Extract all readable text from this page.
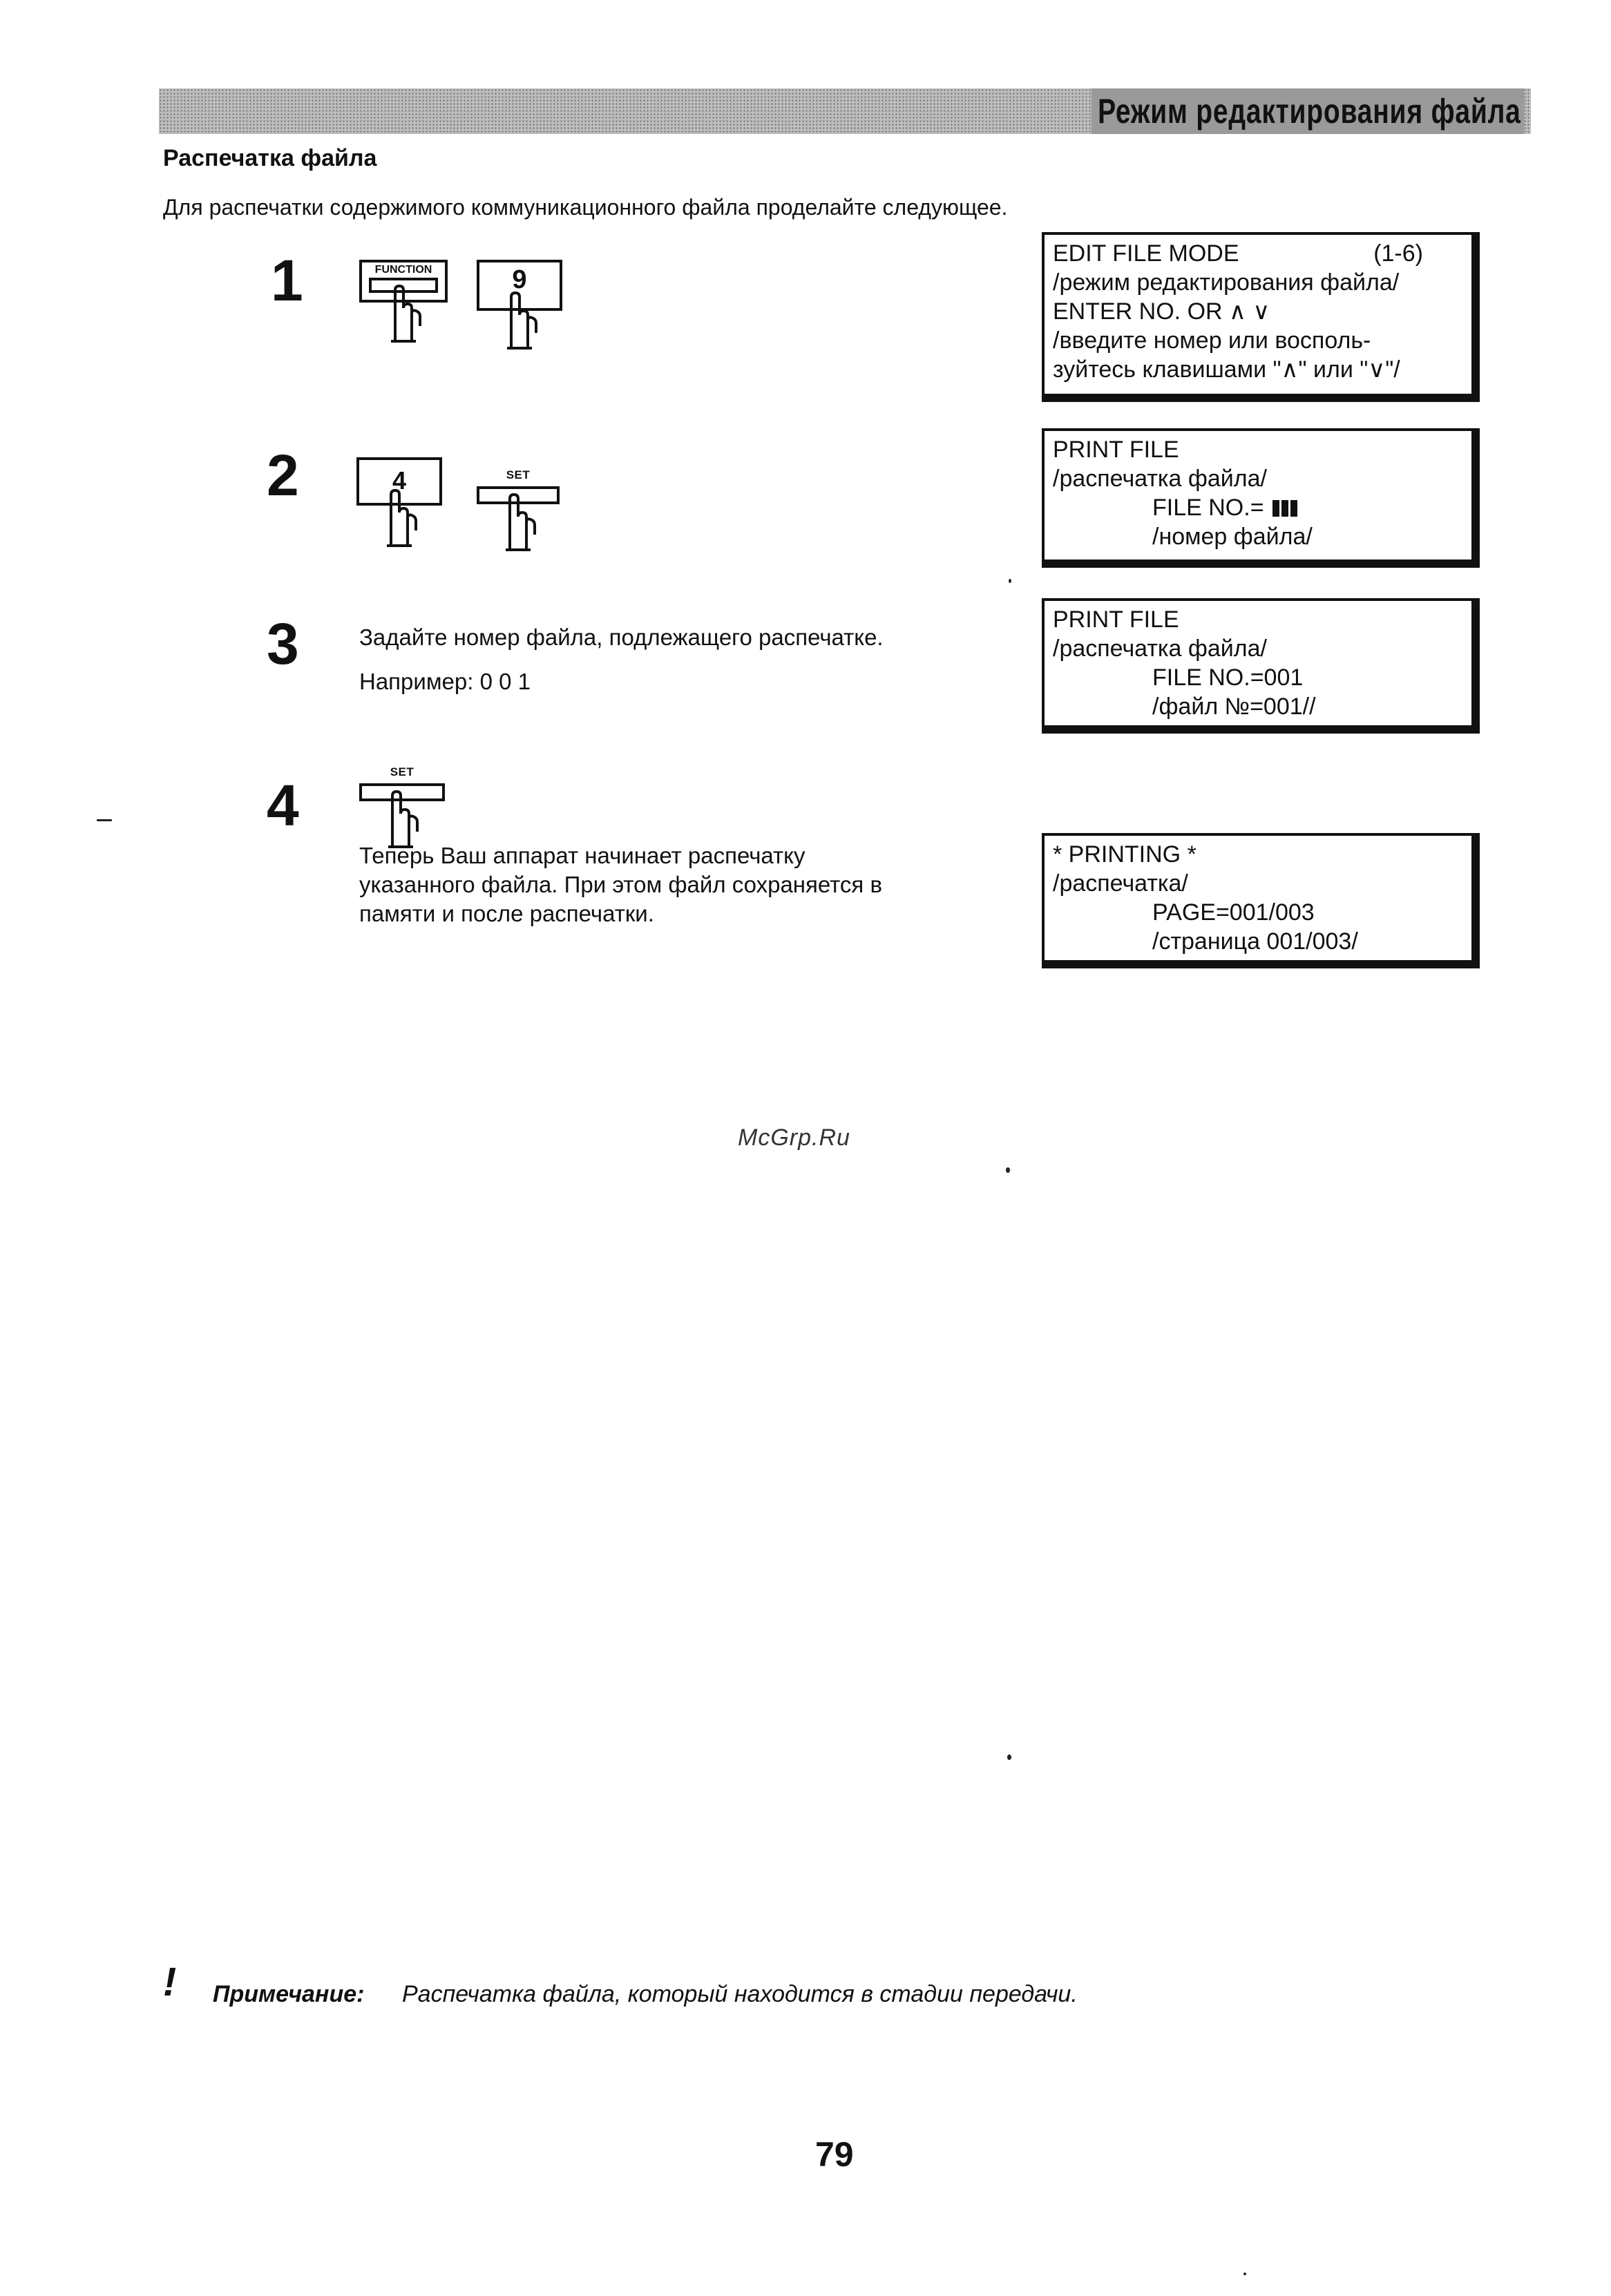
Режим редактирования файла
Распечатка файла
Для распечатки содержимого коммуникационного файла проделайте следующее.
1	FUNCTION	9
EDIT FILE MODE	(1-6)
/режим редактирования файла/
ENTER NO. OR ∧ ∨
/введите номер или восполь-
зуйтесь клавишами "∧" или "∨"/
2	4	SET
PRINT FILE
/распечатка файла/
FILE NO.=
/номер файла/
3	Задайте номер файла, подлежащего распечатке.
Например: 0 0 1
PRINT FILE
/распечатка файла/
FILE NO.=001
/файл №=001//
4
SET
Теперь Ваш аппарат начинает распечатку
указанного файла. При этом файл сохраняется в
памяти и после распечатки.
* PRINTING *
/распечатка/
PAGE=001/003
/страница 001/003/
McGrp.Ru
! Примечание: Распечатка файла, который находится в стадии передачи.
79
